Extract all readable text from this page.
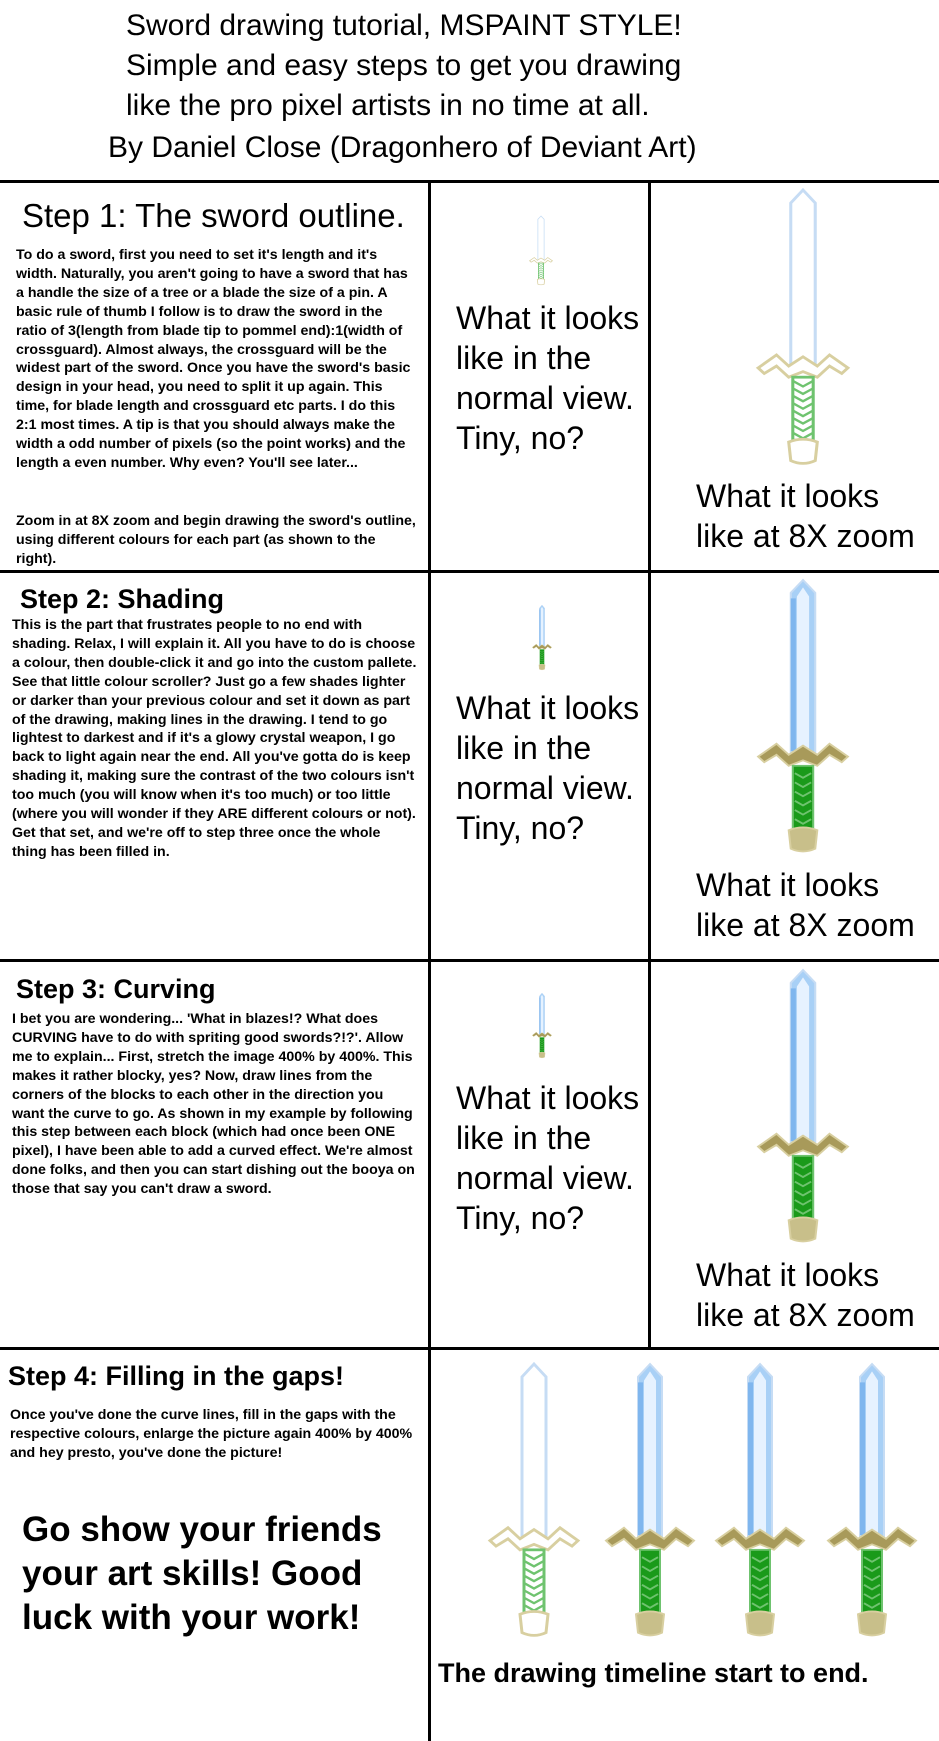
Sword drawing tutorial, MSPAINT STYLE!
Simple and easy steps to get you drawing
like the pro pixel artists in no time at all.
By Daniel Close (Dragonhero of Deviant Art)
Step 1: The sword outline.
To do a sword, first you need to set it's length and it's width. Naturally, you aren't going to have a sword that has a handle the size of a tree or a blade the size of a pin. A basic rule of thumb I follow is to draw the sword in the ratio of 3(length from blade tip to pommel end):1(width of crossguard). Almost always, the crossguard will be the widest part of the sword. Once you have the sword's basic design in your head, you need to split it up again. This time, for blade length and crossguard etc parts. I do this 2:1 most times. A tip is that you should always make the width a odd number of pixels (so the point works) and the length a even number. Why even? You'll see later...
Zoom in at 8X zoom and begin drawing the sword's outline, using different colours for each part (as shown to the right).
What it looks like in the normal view. Tiny, no?
What it looks
like at 8X zoom
Step 2: Shading
This is the part that frustrates people to no end with shading. Relax, I will explain it. All you have to do is choose a colour, then double-click it and go into the custom pallete. See that little colour scroller? Just go a few shades lighter or darker than your previous colour and set it down as part of the drawing, making lines in the drawing. I tend to go lightest to darkest and if it's a glowy crystal weapon, I go back to light again near the end. All you've gotta do is keep shading it, making sure the contrast of the two colours isn't too much (you will know when it's too much) or too little (where you will wonder if they ARE different colours or not). Get that set, and we're off to step three once the whole thing has been filled in.
What it looks like in the normal view. Tiny, no?
What it looks
like at 8X zoom
Step 3: Curving
I bet you are wondering... 'What in blazes!? What does CURVING have to do with spriting good swords?!?'. Allow me to explain... First, stretch the image 400% by 400%. This makes it rather blocky, yes? Now, draw lines from the corners of the blocks to each other in the direction you want the curve to go. As shown in my example by following this step between each block (which had once been ONE pixel), I have been able to add a curved effect. We're almost done folks, and then you can start dishing out the booya on those that say you can't draw a sword.
What it looks like in the normal view. Tiny, no?
What it looks
like at 8X zoom
Step 4: Filling in the gaps!
Once you've done the curve lines, fill in the gaps with the respective colours, enlarge the picture again 400% by 400% and hey presto, you've done the picture!
Go show your friends your art skills! Good luck with your work!
The drawing timeline start to end.
